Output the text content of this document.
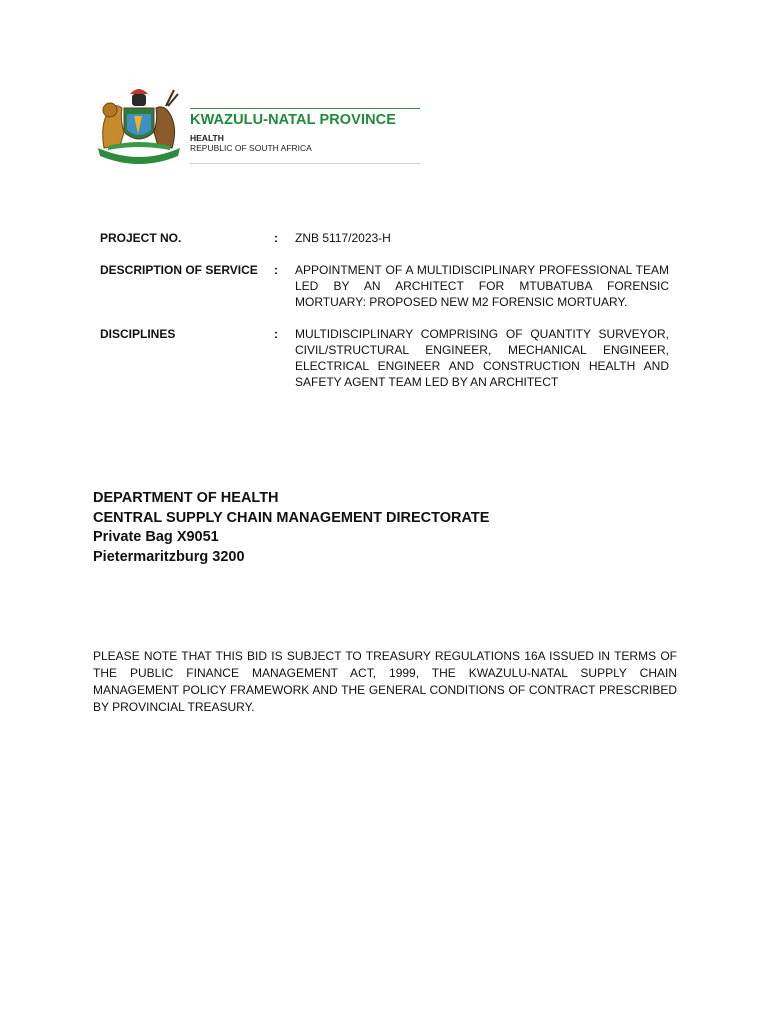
KWAZULU-NATAL PROVINCE
HEALTH
REPUBLIC OF SOUTH AFRICA
PROJECT NO.	: ZNB 5117/2023-H
DESCRIPTION OF SERVICE : APPOINTMENT OF A MULTIDISCIPLINARY PROFESSIONAL TEAM LED BY AN ARCHITECT FOR MTUBATUBA FORENSIC MORTUARY: PROPOSED NEW M2 FORENSIC MORTUARY.
DISCIPLINES	: MULTIDISCIPLINARY COMPRISING OF QUANTITY SURVEYOR, CIVIL/STRUCTURAL ENGINEER, MECHANICAL ENGINEER, ELECTRICAL ENGINEER AND CONSTRUCTION HEALTH AND SAFETY AGENT TEAM LED BY AN ARCHITECT
DEPARTMENT OF HEALTH
CENTRAL SUPPLY CHAIN MANAGEMENT DIRECTORATE
Private Bag X9051
Pietermaritzburg 3200
PLEASE NOTE THAT THIS BID IS SUBJECT TO TREASURY REGULATIONS 16A ISSUED IN TERMS OF THE PUBLIC FINANCE MANAGEMENT ACT, 1999, THE KWAZULU-NATAL SUPPLY CHAIN MANAGEMENT POLICY FRAMEWORK AND THE GENERAL CONDITIONS OF CONTRACT PRESCRIBED BY PROVINCIAL TREASURY.
